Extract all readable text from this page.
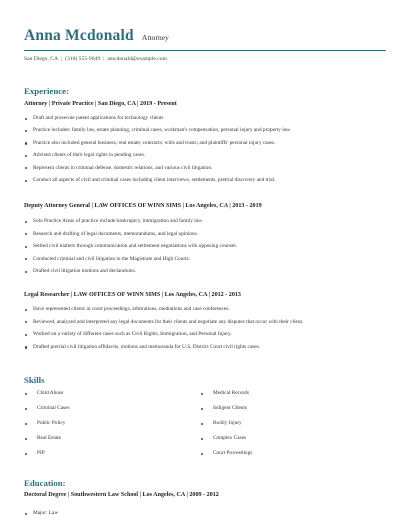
Anna Mcdonald Attorney
San Diego, CA | (310) 555-9649 | amcdonald@example.com
Experience:
Attorney | Private Practice | San Diego, CA | 2019 - Present
Draft and prosecute patent applications for technology clients
Practice includes: family law, estate planning, criminal cases, workman's compensation, personal injury and property law.
Practice also included general business; real estate; contracts; wills and trusts; and plaintiffs' personal injury cases.
Advised clients of their legal rights in pending cases.
Represent clients in criminal defense, domestic relations, and various civil litigation.
Conduct all aspects of civil and criminal cases including client interviews, settlements, pretrial discovery and trial.
Deputy Attorney General | LAW OFFICES OF WINN SIMS | Los Angeles, CA | 2013 - 2019
Solo Practice Areas of practice include bankruptcy, immigration and family law.
Research and drafting of legal documents, memorandums, and legal opinions.
Settled civil matters through communication and settlement negotiations with opposing counsel.
Conducted criminal and civil litigation in the Magistrate and High Courts.
Drafted civil litigation motions and declarations.
Legal Researcher | LAW OFFICES OF WINN SIMS | Los Angeles, CA | 2012 - 2013
Have represented clients in court proceedings, arbitrations, mediations and case conferences.
Reviewed, analyzed and interpreted any legal documents for their clients and negotiate any disputes that occur with their client.
Worked on a variety of different cases such as Civil Rights, Immigration, and Personal Injury.
Drafted pretrial civil litigation affidavits, motions and memoranda for U.S. District Court civil rights cases.
Skills
Child Abuse
Criminal Cases
Public Policy
Real Estate
PIP
Medical Records
Indigent Clients
Bodily Injury
Complex Cases
Court Proceedings
Education:
Doctoral Degree | Southwestern Law School | Los Angeles, CA | 2009 - 2012
Major: Law
